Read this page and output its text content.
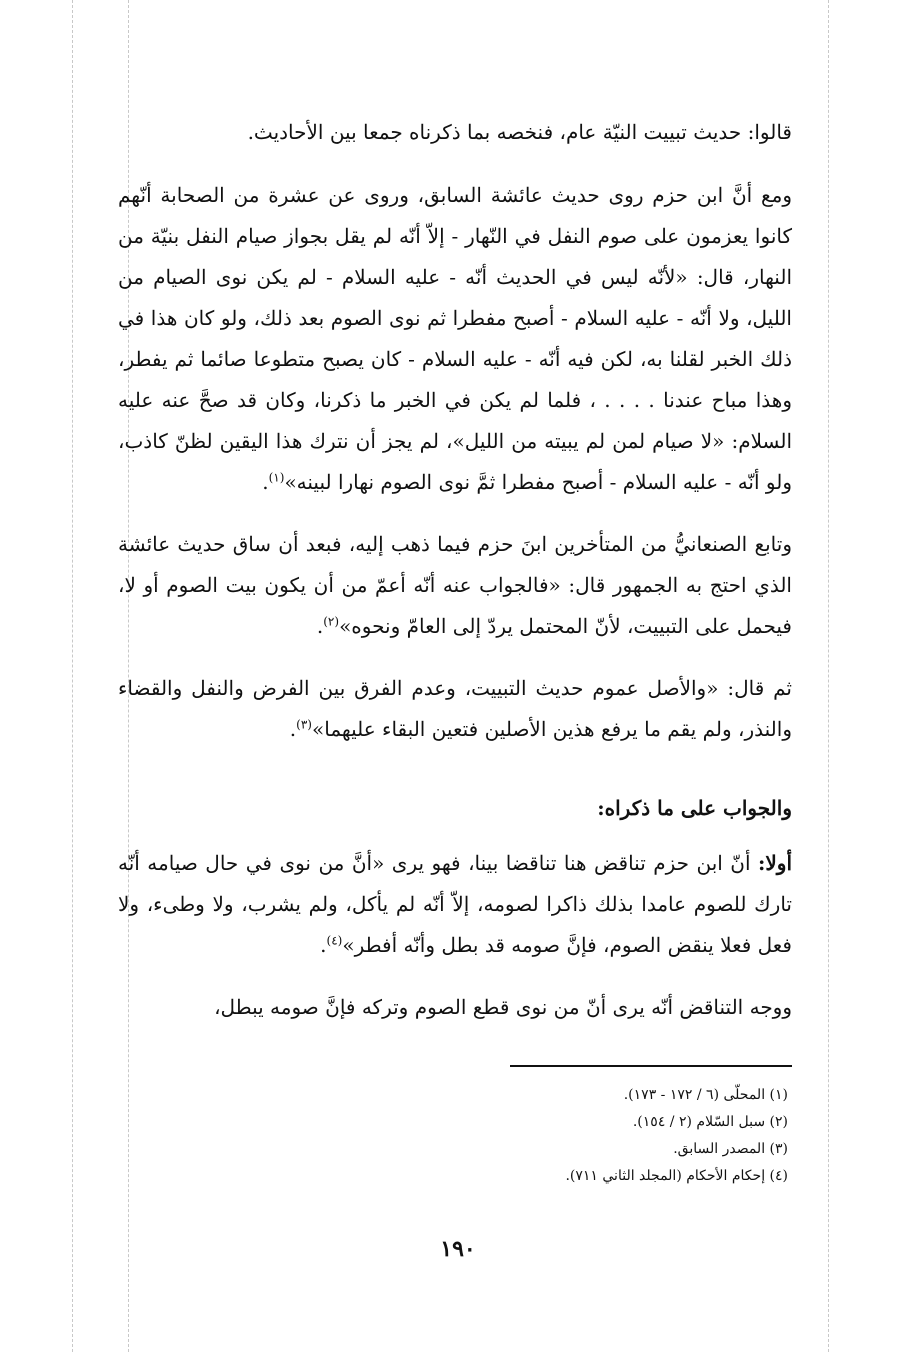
قالوا: حديث تبييت النيّة عام، فنخصه بما ذكرناه جمعا بين الأحاديث.

ومع أنَّ ابن حزم روى حديث عائشة السابق، وروى عن عشرة من الصحابة أنّهم كانوا يعزمون على صوم النفل في النّهار - إلاّ أنّه لم يقل بجواز صيام النفل بنيّة من النهار، قال: «لأنّه ليس في الحديث أنّه - عليه السلام - لم يكن نوى الصيام من الليل، ولا أنّه - عليه السلام - أصبح مفطرا ثم نوى الصوم بعد ذلك، ولو كان هذا في ذلك الخبر لقلنا به، لكن فيه أنّه - عليه السلام - كان يصبح متطوعا صائما ثم يفطر، وهذا مباح عندنا . . . . ، فلما لم يكن في الخبر ما ذكرنا، وكان قد صحَّ عنه عليه السلام: «لا صيام لمن لم يبيته من الليل»، لم يجز أن نترك هذا اليقين لظنّ كاذب، ولو أنّه - عليه السلام - أصبح مفطرا ثمَّ نوى الصوم نهارا لبينه»$^{(١)}$.

وتابع الصنعانيُّ من المتأخرين ابنَ حزم فيما ذهب إليه، فبعد أن ساق حديث عائشة الذي احتج به الجمهور قال: «فالجواب عنه أنّه أعمّ من أن يكون بيت الصوم أو لا، فيحمل على التبييت، لأنّ المحتمل يردّ إلى العامّ ونحوه»$^{(٢)}$.

ثم قال: «والأصل عموم حديث التبييت، وعدم الفرق بين الفرض والنفل والقضاء والنذر، ولم يقم ما يرفع هذين الأصلين فتعين البقاء عليهما»$^{(٣)}$.

والجواب على ما ذكراه:

أولا: أنّ ابن حزم تناقض هنا تناقضا بينا، فهو يرى «أنَّ من نوى في حال صيامه أنّه تارك للصوم عامدا بذلك ذاكرا لصومه، إلاّ أنّه لم يأكل، ولم يشرب، ولا وطىء، ولا فعل فعلا ينقض الصوم، فإنَّ صومه قد بطل وأنّه أفطر»$^{(٤)}$.

ووجه التناقض أنّه يرى أنّ من نوى قطع الصوم وتركه فإنَّ صومه يبطل،

(١) المحلّى (٦ / ١٧٢ - ١٧٣).
(٢) سبل السّلام (٢ / ١٥٤).
(٣) المصدر السابق.
(٤) إحكام الأحكام (المجلد الثاني ٧١١).
١٩٠
